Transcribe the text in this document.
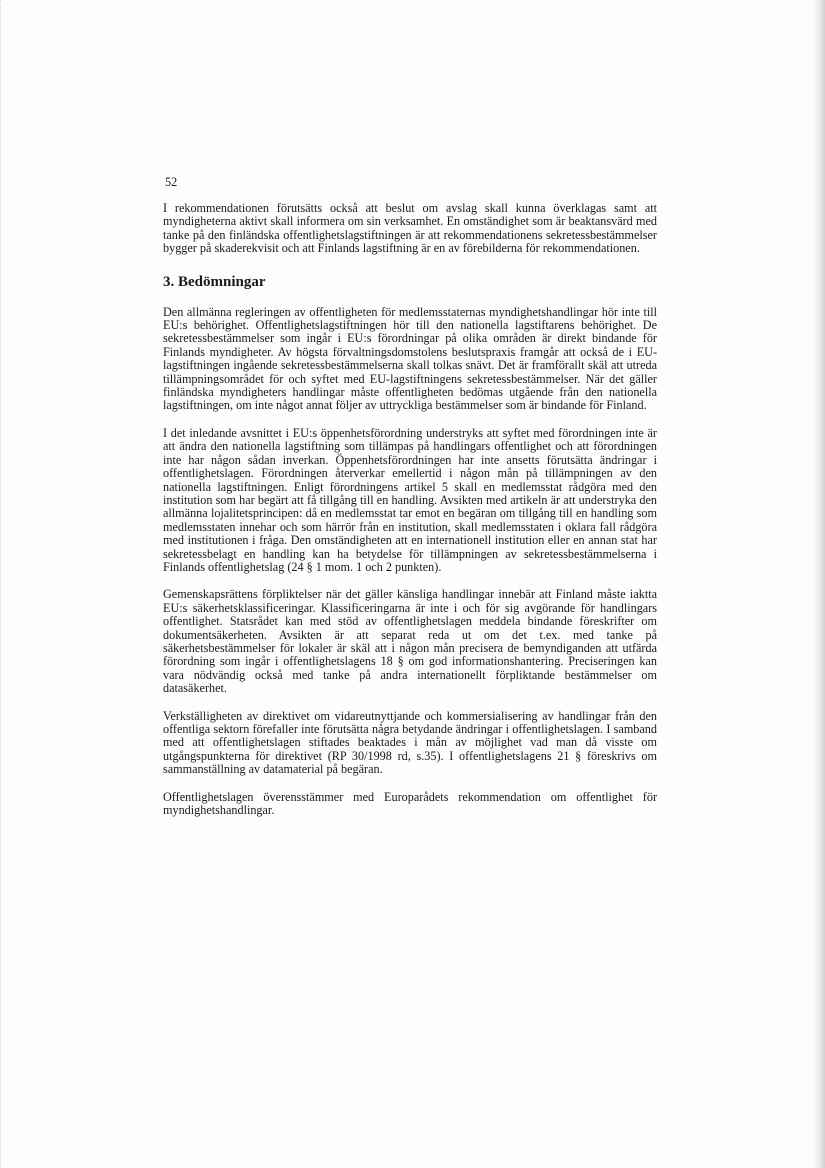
52

I rekommendationen förutsätts också att beslut om avslag skall kunna överklagas samt att myndigheterna aktivt skall informera om sin verksamhet. En omständighet som är beaktansvärd med tanke på den finländska offentlighetslagstiftningen är att rekommendationens sekretessbestämmelser bygger på skaderekvisit och att Finlands lagstiftning är en av förebilderna för rekommendationen.

3. Bedömningar

Den allmänna regleringen av offentligheten för medlemsstaternas myndighetshandlingar hör inte till EU:s behörighet. Offentlighetslagstiftningen hör till den nationella lagstiftarens behörighet. De sekretessbestämmelser som ingår i EU:s förordningar på olika områden är direkt bindande för Finlands myndigheter. Av högsta förvaltningsdomstolens beslutspraxis framgår att också de i EU-lagstiftningen ingående sekretessbestämmelserna skall tolkas snävt. Det är framförallt skäl att utreda tillämpningsområdet för och syftet med EU-lagstiftningens sekretessbestämmelser. När det gäller finländska myndigheters handlingar måste offentligheten bedömas utgående från den nationella lagstiftningen, om inte något annat följer av uttryckliga bestämmelser som är bindande för Finland.

I det inledande avsnittet i EU:s öppenhetsförordning understryks att syftet med förordningen inte är att ändra den nationella lagstiftning som tillämpas på handlingars offentlighet och att förordningen inte har någon sådan inverkan. Öppenhetsförordningen har inte ansetts förutsätta ändringar i offentlighetslagen. Förordningen återverkar emellertid i någon mån på tillämpningen av den nationella lagstiftningen. Enligt förordningens artikel 5 skall en medlemsstat rådgöra med den institution som har begärt att få tillgång till en handling. Avsikten med artikeln är att understryka den allmänna lojalitetsprincipen: då en medlemsstat tar emot en begäran om tillgång till en handling som medlemsstaten innehar och som härrör från en institution, skall medlemsstaten i oklara fall rådgöra med institutionen i fråga. Den omständigheten att en internationell institution eller en annan stat har sekretessbelagt en handling kan ha betydelse för tillämpningen av sekretessbestämmelserna i Finlands offentlighetslag (24 § 1 mom. 1 och 2 punkten).

Gemenskapsrättens förpliktelser när det gäller känsliga handlingar innebär att Finland måste iaktta EU:s säkerhetsklassificeringar. Klassificeringarna är inte i och för sig avgörande för handlingars offentlighet. Statsrådet kan med stöd av offentlighetslagen meddela bindande föreskrifter om dokumentsäkerheten. Avsikten är att separat reda ut om det t.ex. med tanke på säkerhetsbestämmelser för lokaler är skäl att i någon mån precisera de bemyndiganden att utfärda förordning som ingår i offentlighetslagens 18 § om god informationshantering. Preciseringen kan vara nödvändig också med tanke på andra internationellt förpliktande bestämmelser om datasäkerhet.

Verkställigheten av direktivet om vidareutnyttjande och kommersialisering av handlingar från den offentliga sektorn förefaller inte förutsätta några betydande ändringar i offentlighetslagen. I samband med att offentlighetslagen stiftades beaktades i mån av möjlighet vad man då visste om utgångspunkterna för direktivet (RP 30/1998 rd, s.35). I offentlighetslagens 21 § föreskrivs om sammanställning av datamaterial på begäran.

Offentlighetslagen överensstämmer med Europarådets rekommendation om offentlighet för myndighetshandlingar.
